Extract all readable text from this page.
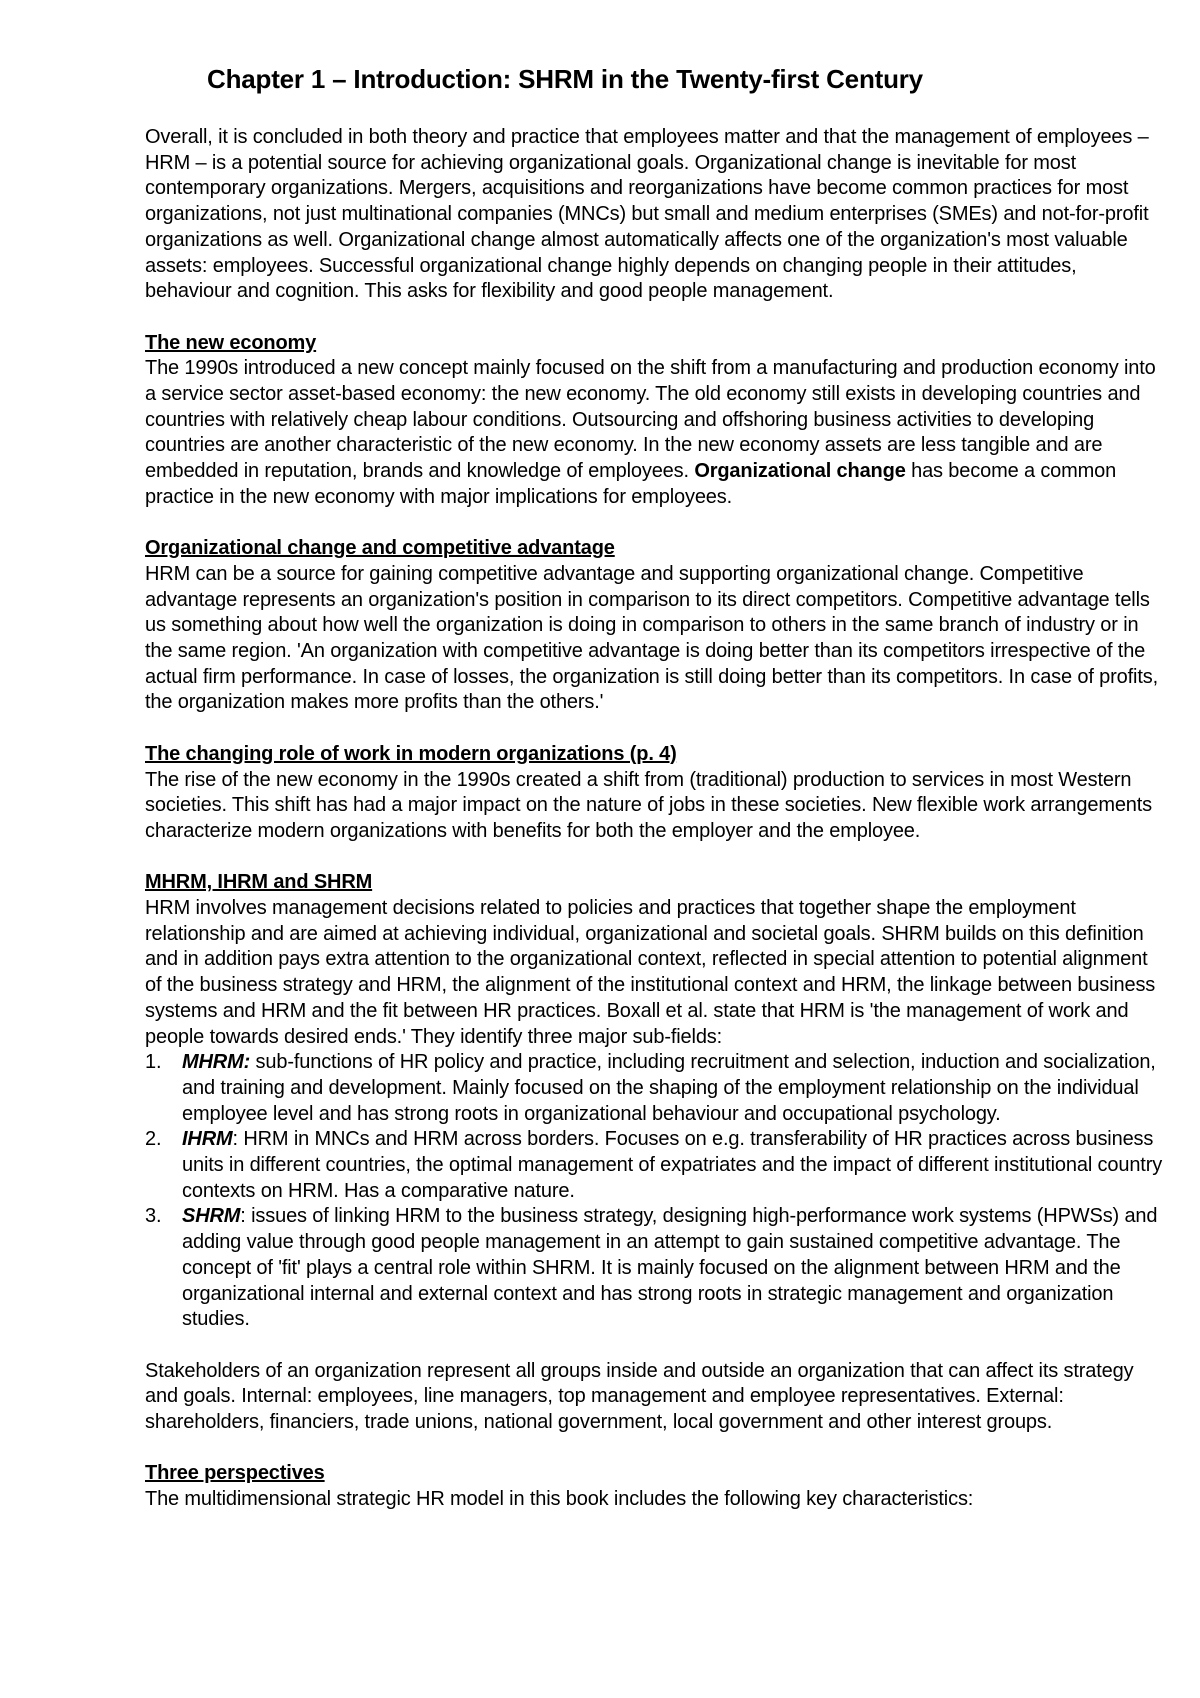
Chapter 1 – Introduction: SHRM in the Twenty-first Century

Overall, it is concluded in both theory and practice that employees matter and that the management of employees – HRM – is a potential source for achieving organizational goals. Organizational change is inevitable for most contemporary organizations. Mergers, acquisitions and reorganizations have become common practices for most organizations, not just multinational companies (MNCs) but small and medium enterprises (SMEs) and not-for-profit organizations as well. Organizational change almost automatically affects one of the organization's most valuable assets: employees. Successful organizational change highly depends on changing people in their attitudes, behaviour and cognition. This asks for flexibility and good people management.

The new economy
The 1990s introduced a new concept mainly focused on the shift from a manufacturing and production economy into a service sector asset-based economy: the new economy. The old economy still exists in developing countries and countries with relatively cheap labour conditions. Outsourcing and offshoring business activities to developing countries are another characteristic of the new economy. In the new economy assets are less tangible and are embedded in reputation, brands and knowledge of employees. Organizational change has become a common practice in the new economy with major implications for employees.

Organizational change and competitive advantage
HRM can be a source for gaining competitive advantage and supporting organizational change. Competitive advantage represents an organization's position in comparison to its direct competitors. Competitive advantage tells us something about how well the organization is doing in comparison to others in the same branch of industry or in the same region. 'An organization with competitive advantage is doing better than its competitors irrespective of the actual firm performance. In case of losses, the organization is still doing better than its competitors. In case of profits, the organization makes more profits than the others.'

The changing role of work in modern organizations (p. 4)
The rise of the new economy in the 1990s created a shift from (traditional) production to services in most Western societies. This shift has had a major impact on the nature of jobs in these societies. New flexible work arrangements characterize modern organizations with benefits for both the employer and the employee.

MHRM, IHRM and SHRM
HRM involves management decisions related to policies and practices that together shape the employment relationship and are aimed at achieving individual, organizational and societal goals. SHRM builds on this definition and in addition pays extra attention to the organizational context, reflected in special attention to potential alignment of the business strategy and HRM, the alignment of the institutional context and HRM, the linkage between business systems and HRM and the fit between HR practices. Boxall et al. state that HRM is 'the management of work and people towards desired ends.' They identify three major sub-fields:
1. MHRM: sub-functions of HR policy and practice, including recruitment and selection, induction and socialization, and training and development. Mainly focused on the shaping of the employment relationship on the individual employee level and has strong roots in organizational behaviour and occupational psychology.
2. IHRM: HRM in MNCs and HRM across borders. Focuses on e.g. transferability of HR practices across business units in different countries, the optimal management of expatriates and the impact of different institutional country contexts on HRM. Has a comparative nature.
3. SHRM: issues of linking HRM to the business strategy, designing high-performance work systems (HPWSs) and adding value through good people management in an attempt to gain sustained competitive advantage. The concept of 'fit' plays a central role within SHRM. It is mainly focused on the alignment between HRM and the organizational internal and external context and has strong roots in strategic management and organization studies.

Stakeholders of an organization represent all groups inside and outside an organization that can affect its strategy and goals. Internal: employees, line managers, top management and employee representatives. External: shareholders, financiers, trade unions, national government, local government and other interest groups.

Three perspectives
The multidimensional strategic HR model in this book includes the following key characteristics:
